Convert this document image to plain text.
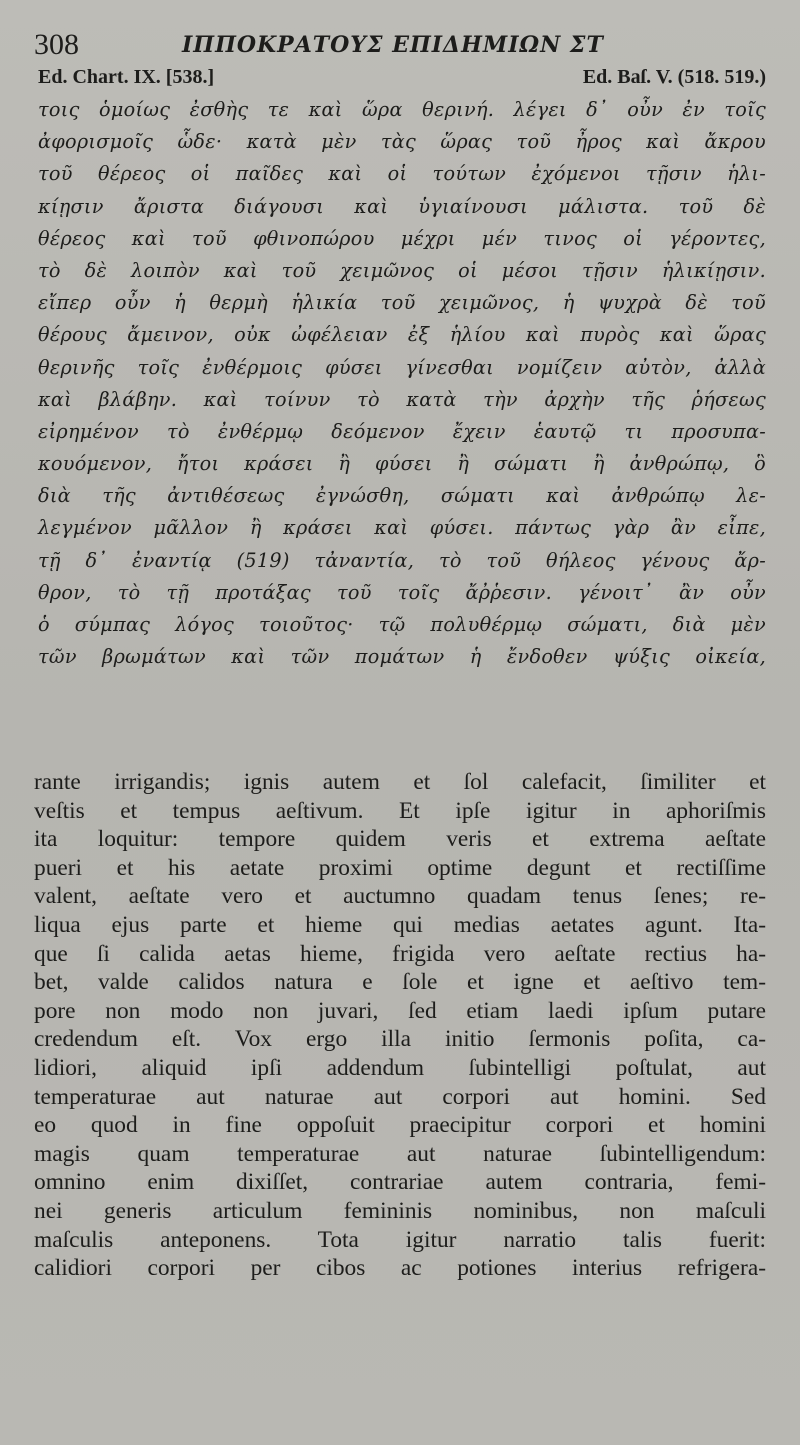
308	ΙΠΠΟΚΡΑΤΟΥΣ ΕΠΙΔΗΜΙΩΝ ΣΤ
Ed. Chart. IX. [538.]	Ed. Baſ. V. (518. 519.)
τοις ὁμοίως ἐσθὴς τε καὶ ὥρα θερινή. λέγει δ᾽ οὖν ἐν τοῖς
ἀφορισμοῖς ὧδε· κατὰ μὲν τὰς ὥρας τοῦ ἦρος καὶ ἄκρου
τοῦ θέρεος οἱ παῖδες καὶ οἱ τούτων ἐχόμενοι τῇσιν ἡλι-
κίῃσιν ἄριστα διάγουσι καὶ ὑγιαίνουσι μάλιστα. τοῦ δὲ
θέρεος καὶ τοῦ φθινοπώρου μέχρι μέν τινος οἱ γέροντες,
τὸ δὲ λοιπὸν καὶ τοῦ χειμῶνος οἱ μέσοι τῇσιν ἡλικίῃσιν.
εἴπερ οὖν ἡ θερμὴ ἡλικία τοῦ χειμῶνος, ἡ ψυχρὰ δὲ τοῦ
θέρους ἄμεινον, οὐκ ὠφέλειαν ἐξ ἡλίου καὶ πυρὸς καὶ ὥρας
θερινῆς τοῖς ἐνθέρμοις φύσει γίνεσθαι νομίζειν αὐτὸν, ἀλλὰ
καὶ βλάβην. καὶ τοίνυν τὸ κατὰ τὴν ἀρχὴν τῆς ῥήσεως
εἰρημένον τὸ ἐνθέρμῳ δεόμενον ἔχειν ἑαυτῷ τι προσυπα-
κουόμενον, ἤτοι κράσει ἢ φύσει ἢ σώματι ἢ ἀνθρώπῳ, ὃ
διὰ τῆς ἀντιθέσεως ἐγνώσθη, σώματι καὶ ἀνθρώπῳ λε-
λεγμένον μᾶλλον ἢ κράσει καὶ φύσει. πάντως γὰρ ἂν εἶπε,
τῇ δ᾽ ἐναντίᾳ (519) τἀναντία, τὸ τοῦ θήλεος γένους ἄρ-
θρον, τὸ τῇ προτάξας τοῦ τοῖς ἄῤῥεσιν. γένοιτ᾽ ἂν οὖν
ὁ σύμπας λόγος τοιοῦτος· τῷ πολυθέρμῳ σώματι, διὰ μὲν
τῶν βρωμάτων καὶ τῶν πομάτων ἡ ἔνδοθεν ψύξις οἰκεία,
rante irrigandis; ignis autem et ſol calefacit, ſimiliter et
veſtis et tempus aeſtivum. Et ipſe igitur in aphoriſmis
ita loquitur: tempore quidem veris et extrema aeſtate
pueri et his aetate proximi optime degunt et rectiſſime
valent, aeſtate vero et auctumno quadam tenus ſenes; re-
liqua ejus parte et hieme qui medias aetates agunt. Ita-
que ſi calida aetas hieme, frigida vero aeſtate rectius ha-
bet, valde calidos natura e ſole et igne et aeſtivo tem-
pore non modo non juvari, ſed etiam laedi ipſum putare
credendum eſt. Vox ergo illa initio ſermonis poſita, ca-
lidiori, aliquid ipſi addendum ſubintelligi poſtulat, aut
temperaturae aut naturae aut corpori aut homini. Sed
eo quod in fine oppoſuit praecipitur corpori et homini
magis quam temperaturae aut naturae ſubintelligendum:
omnino enim dixiſſet, contrariae autem contraria, femi-
nei generis articulum femininis nominibus, non maſculi
maſculis anteponens. Tota igitur narratio talis fuerit:
calidiori corpori per cibos ac potiones interius refrigera-
